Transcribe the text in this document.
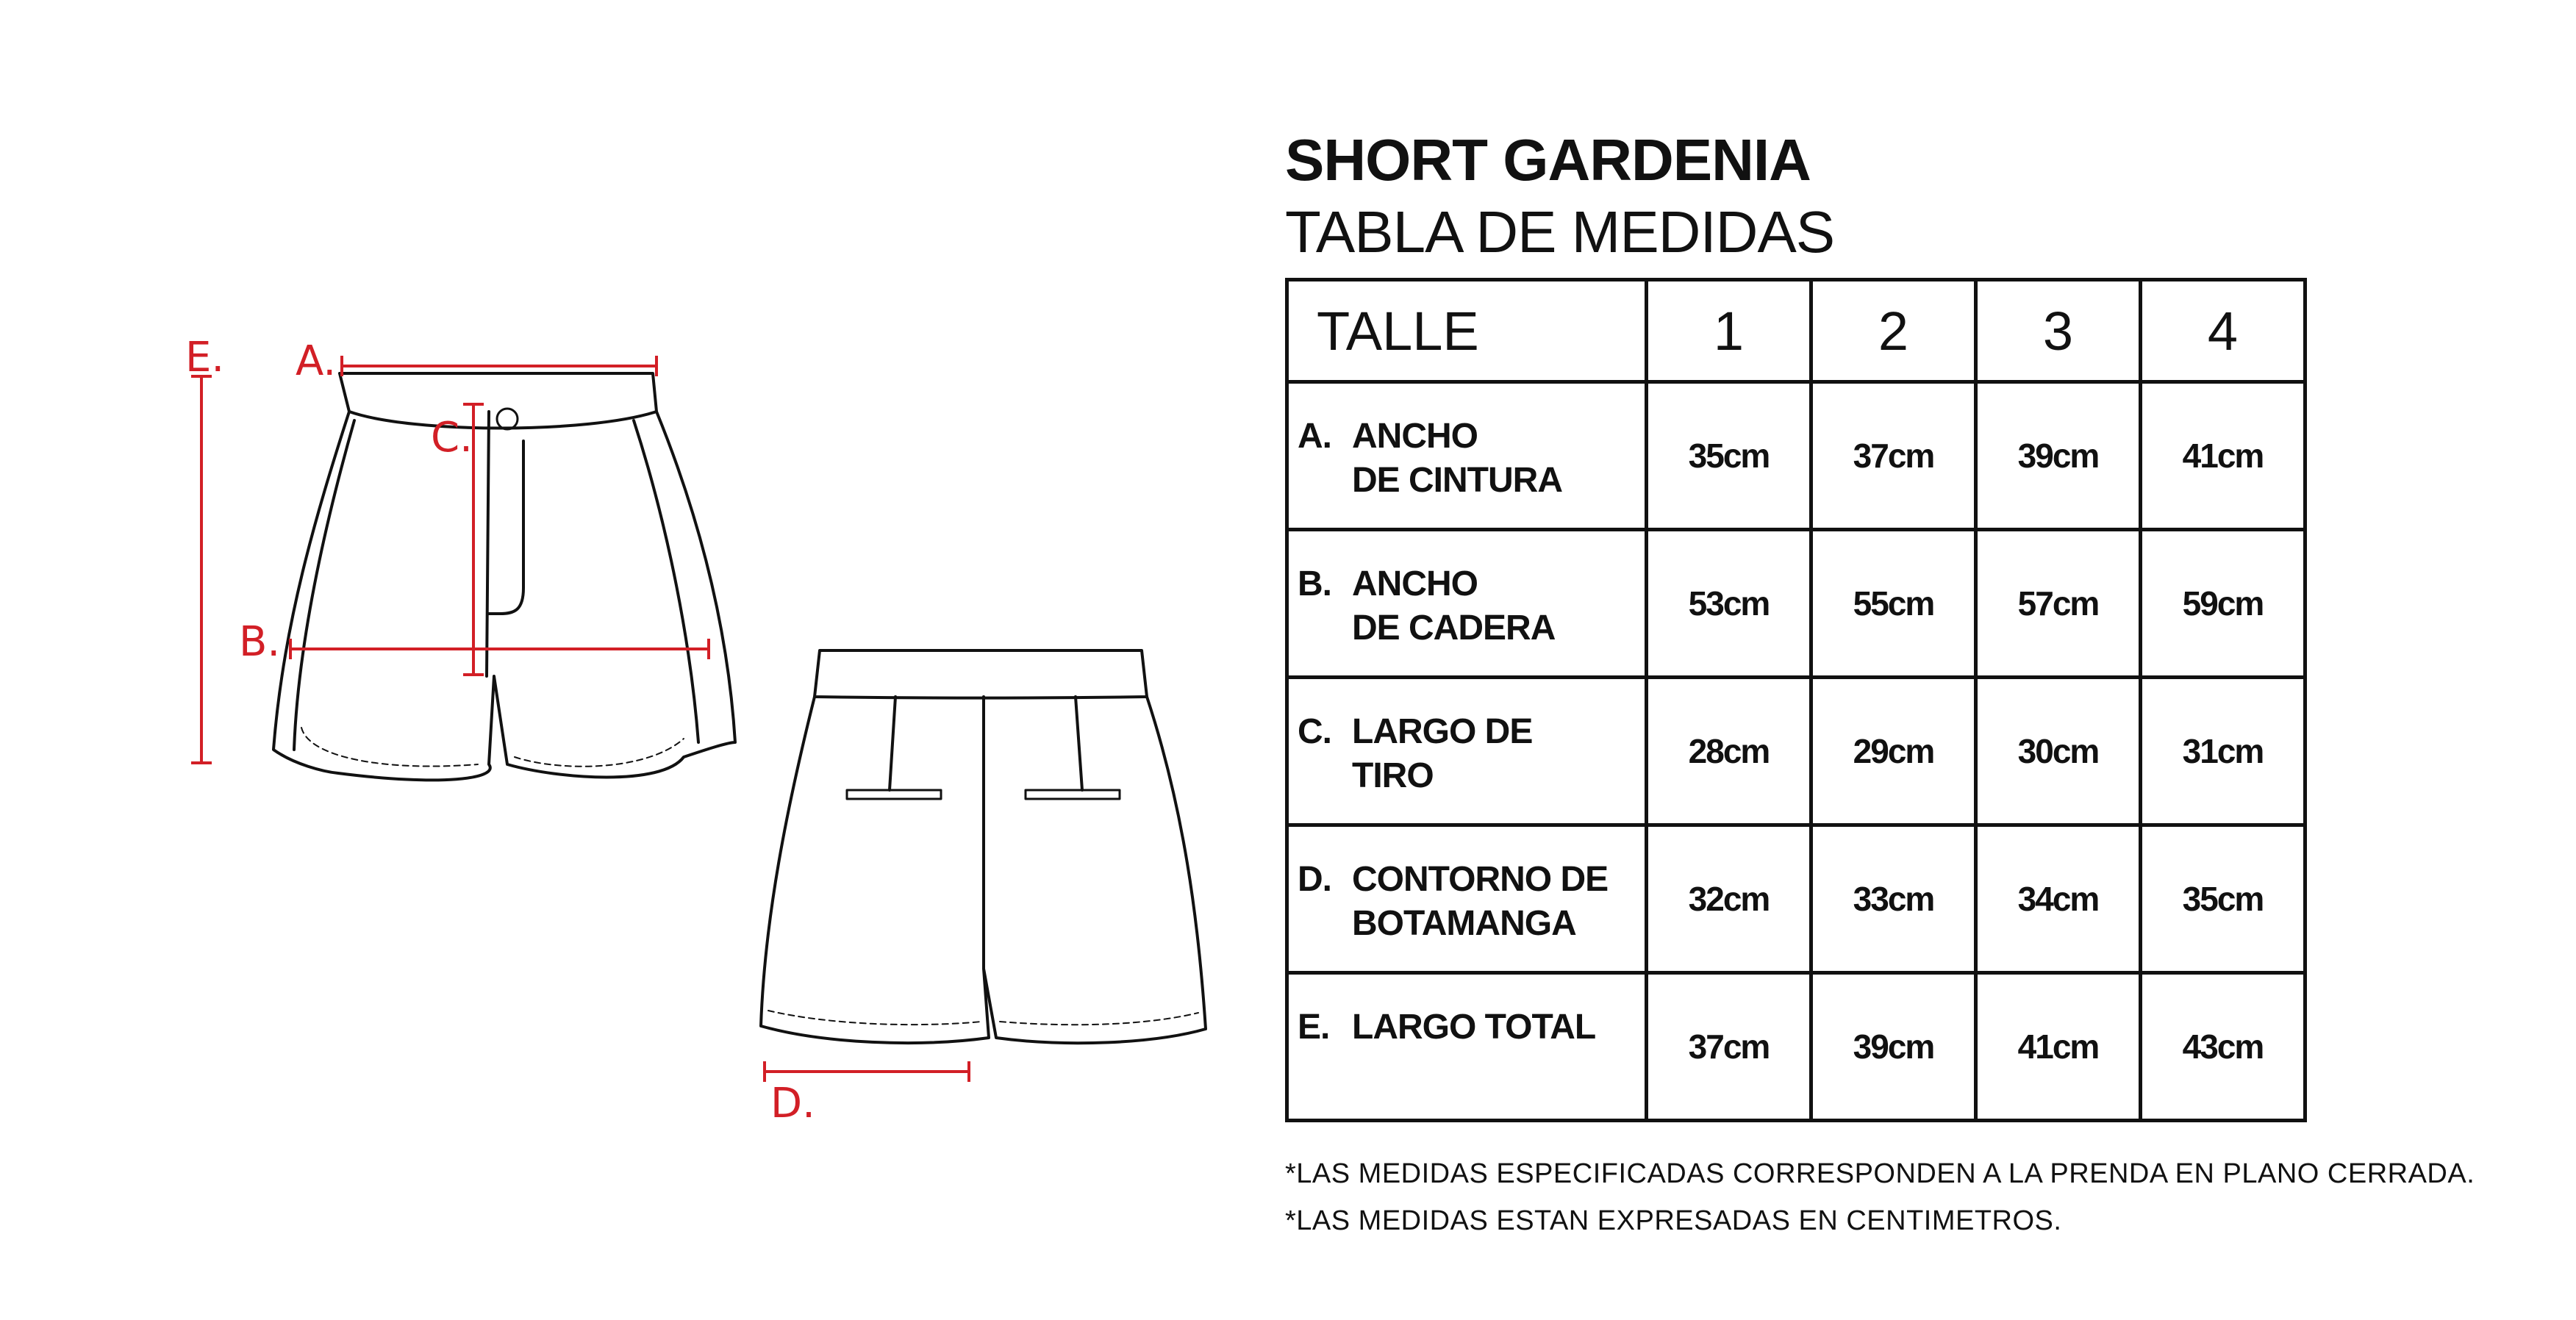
A.
B.
C.
D.
E.
SHORT GARDENIA
TABLA DE MEDIDAS
TALLE	1	2	3	4

A. ANCHO
DE CINTURA	35cm	37cm	39cm	41cm

B. ANCHO
DE CADERA	53cm	55cm	57cm	59cm

C. LARGO DE
TIRO	28cm	29cm	30cm	31cm

D. CONTORNO DE
BOTAMANGA	32cm	33cm	34cm	35cm

E. LARGO TOTAL	37cm	39cm	41cm	43cm

*LAS MEDIDAS ESPECIFICADAS CORRESPONDEN A LA PRENDA EN PLANO CERRADA.

*LAS MEDIDAS ESTAN EXPRESADAS EN CENTIMETROS.
